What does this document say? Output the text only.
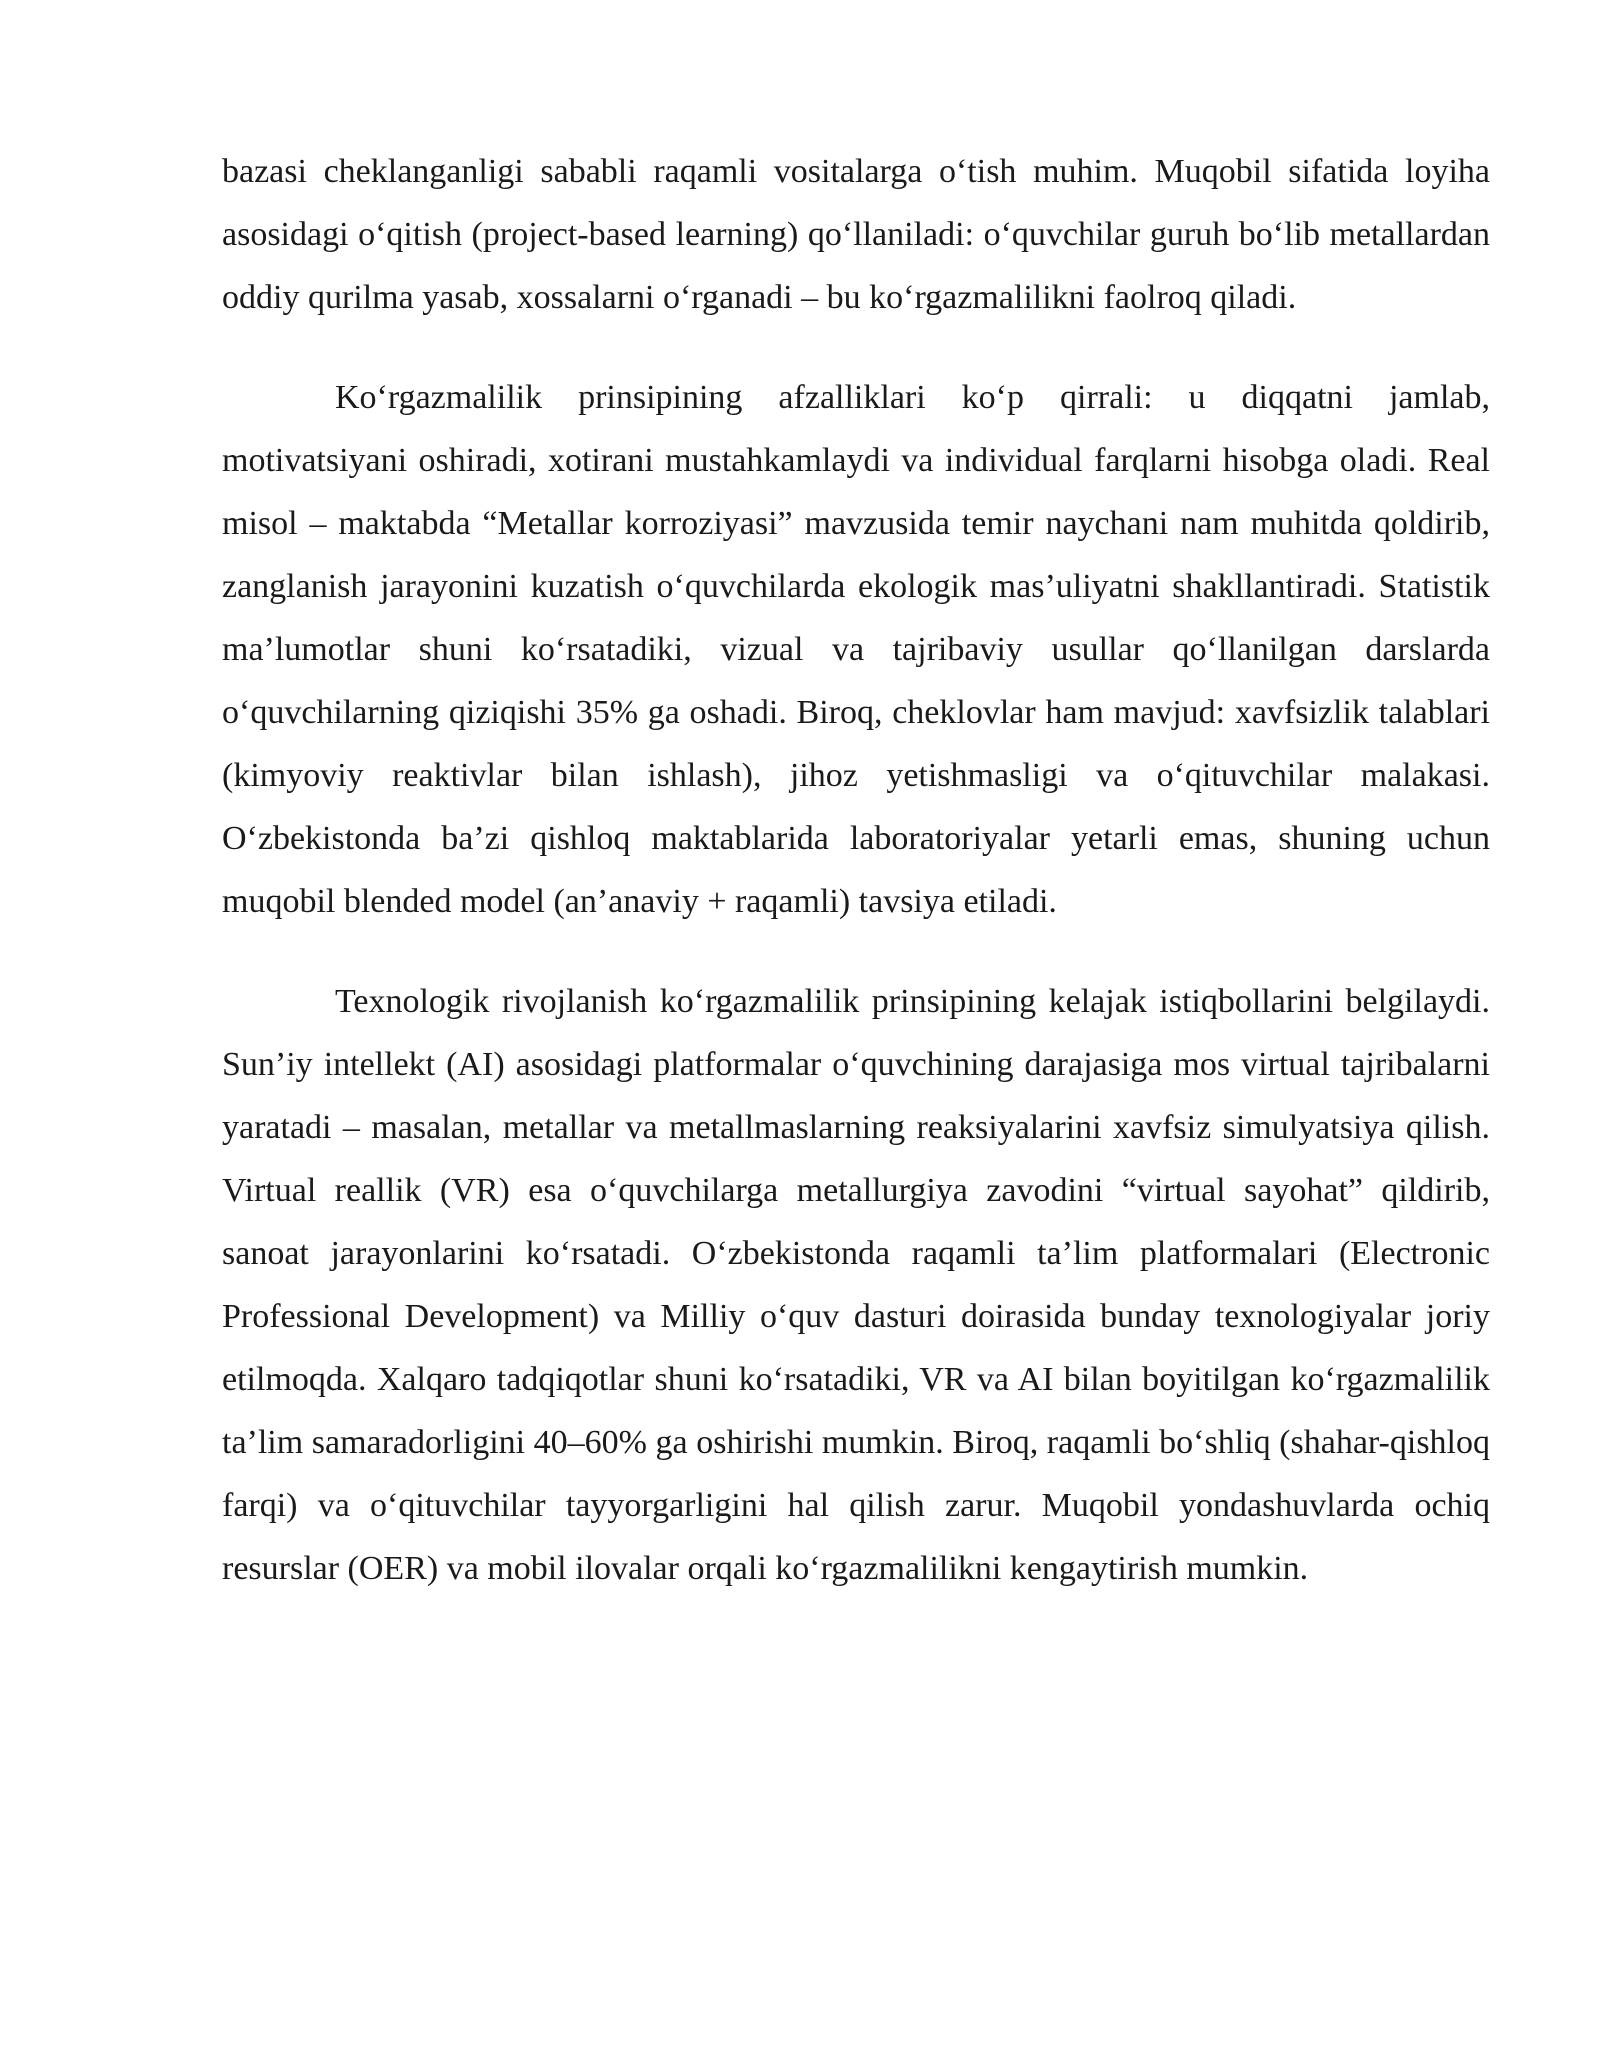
bazasi cheklanganligi sababli raqamli vositalarga o‘tish muhim. Muqobil sifatida loyiha asosidagi o‘qitish (project-based learning) qo‘llaniladi: o‘quvchilar guruh bo‘lib metallardan oddiy qurilma yasab, xossalarni o‘rganadi – bu ko‘rgazmalilikni faolroq qiladi.

Ko‘rgazmalilik prinsipining afzalliklari ko‘p qirrali: u diqqatni jamlab, motivatsiyani oshiradi, xotirani mustahkamlaydi va individual farqlarni hisobga oladi. Real misol – maktabda “Metallar korroziyasi” mavzusida temir naychani nam muhitda qoldirib, zanglanish jarayonini kuzatish o‘quvchilarda ekologik mas’uliyatni shakllantiradi. Statistik ma’lumotlar shuni ko‘rsatadiki, vizual va tajribaviy usullar qo‘llanilgan darslarda o‘quvchilarning qiziqishi 35% ga oshadi. Biroq, cheklovlar ham mavjud: xavfsizlik talablari (kimyoviy reaktivlar bilan ishlash), jihoz yetishmasligi va o‘qituvchilar malakasi. O‘zbekistonda ba’zi qishloq maktablarida laboratoriyalar yetarli emas, shuning uchun muqobil blended model (an’anaviy + raqamli) tavsiya etiladi.

Texnologik rivojlanish ko‘rgazmalilik prinsipining kelajak istiqbollarini belgilaydi. Sun’iy intellekt (AI) asosidagi platformalar o‘quvchining darajasiga mos virtual tajribalarni yaratadi – masalan, metallar va metallmaslarning reaksiyalarini xavfsiz simulyatsiya qilish. Virtual reallik (VR) esa o‘quvchilarga metallurgiya zavodini “virtual sayohat” qildirib, sanoat jarayonlarini ko‘rsatadi. O‘zbekistonda raqamli ta’lim platformalari (Electronic Professional Development) va Milliy o‘quv dasturi doirasida bunday texnologiyalar joriy etilmoqda. Xalqaro tadqiqotlar shuni ko‘rsatadiki, VR va AI bilan boyitilgan ko‘rgazmalilik ta’lim samaradorligini 40–60% ga oshirishi mumkin. Biroq, raqamli bo‘shliq (shahar-qishloq farqi) va o‘qituvchilar tayyorgarligini hal qilish zarur. Muqobil yondashuvlarda ochiq resurslar (OER) va mobil ilovalar orqali ko‘rgazmalilikni kengaytirish mumkin.
